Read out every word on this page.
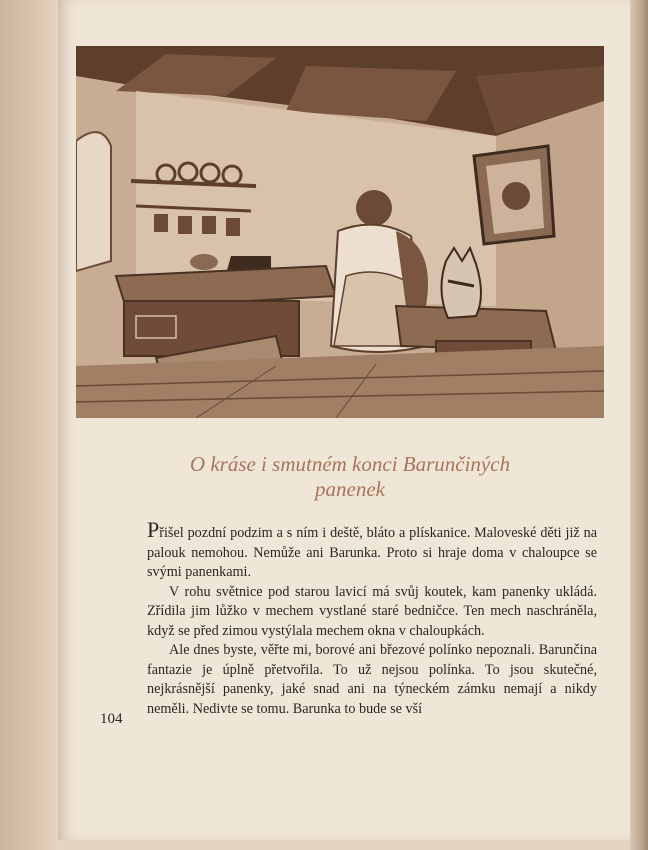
O kráse i smutném konci Barunčiných
panenek

Přišel pozdní podzim a s ním i deště, bláto a plískanice. Maloveské děti již na palouk nemohou. Nemůže ani Barunka. Proto si hraje doma v chaloupce se svými panenkami.

V rohu světnice pod starou lavicí má svůj koutek, kam panenky ukládá. Zřídila jim lůžko v mechem vystlané staré bedničce. Ten mech naschráněla, když se před zimou vystýlala mechem okna v chaloupkách.

Ale dnes byste, věřte mi, borové ani březové polínko nepoznali. Barunčina fantazie je úplně přetvořila. To už nejsou polínka. To jsou skutečné, nejkrásnější panenky, jaké snad ani na týneckém zámku nemají a nikdy neměli. Nedivte se tomu. Barunka to bude se vší

104
